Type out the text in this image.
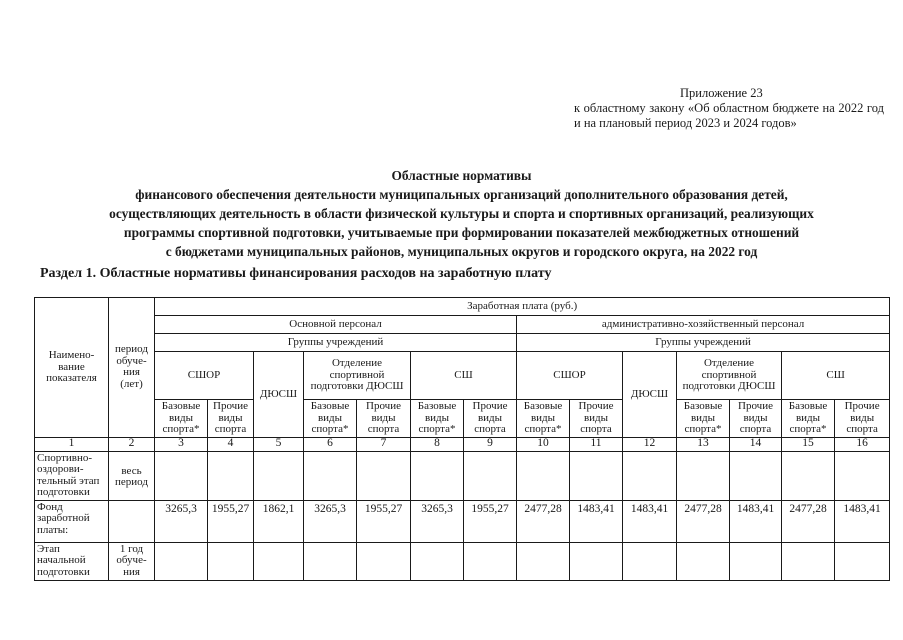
Приложение 23
к областному закону «Об областном бюджете на 2022 год и на плановый период 2023 и 2024 годов»
Областные нормативы
финансового обеспечения деятельности муниципальных организаций дополнительного образования детей,
осуществляющих деятельность в области физической культуры и спорта и спортивных организаций, реализующих
программы спортивной подготовки, учитываемые при формировании показателей межбюджетных отношений
с бюджетами муниципальных районов, муниципальных округов и городского округа, на 2022 год
Раздел 1. Областные нормативы финансирования расходов на заработную плату
Наимено-вание показателя	период обуче-ния (лет)	Заработная плата (руб.)													
		Основной персонал							административно-хозяйственный персонал						
		Группы учреждений							Группы учреждений						
		СШОР		ДЮСШ	Отделение спортивной подготовки ДЮСШ		СШ		СШОР		ДЮСШ	Отделение спортивной подготовки ДЮСШ		СШ	
		Базовые виды спорта*	Прочие виды спорта		Базовые виды спорта*	Прочие виды спорта	Базовые виды спорта*	Прочие виды спорта	Базовые виды спорта*	Прочие виды спорта		Базовые виды спорта*	Прочие виды спорта	Базовые виды спорта*	Прочие виды спорта
1	2	3	4	5	6	7	8	9	10	11	12	13	14	15	16
Спортивно-оздорови-тельный этап подготовки	весь период														
Фонд заработной платы:		3265,3	1955,27	1862,1	3265,3	1955,27	3265,3	1955,27	2477,28	1483,41	1483,41	2477,28	1483,41	2477,28	1483,41
Этап начальной подготовки	1 год обуче-ния														
